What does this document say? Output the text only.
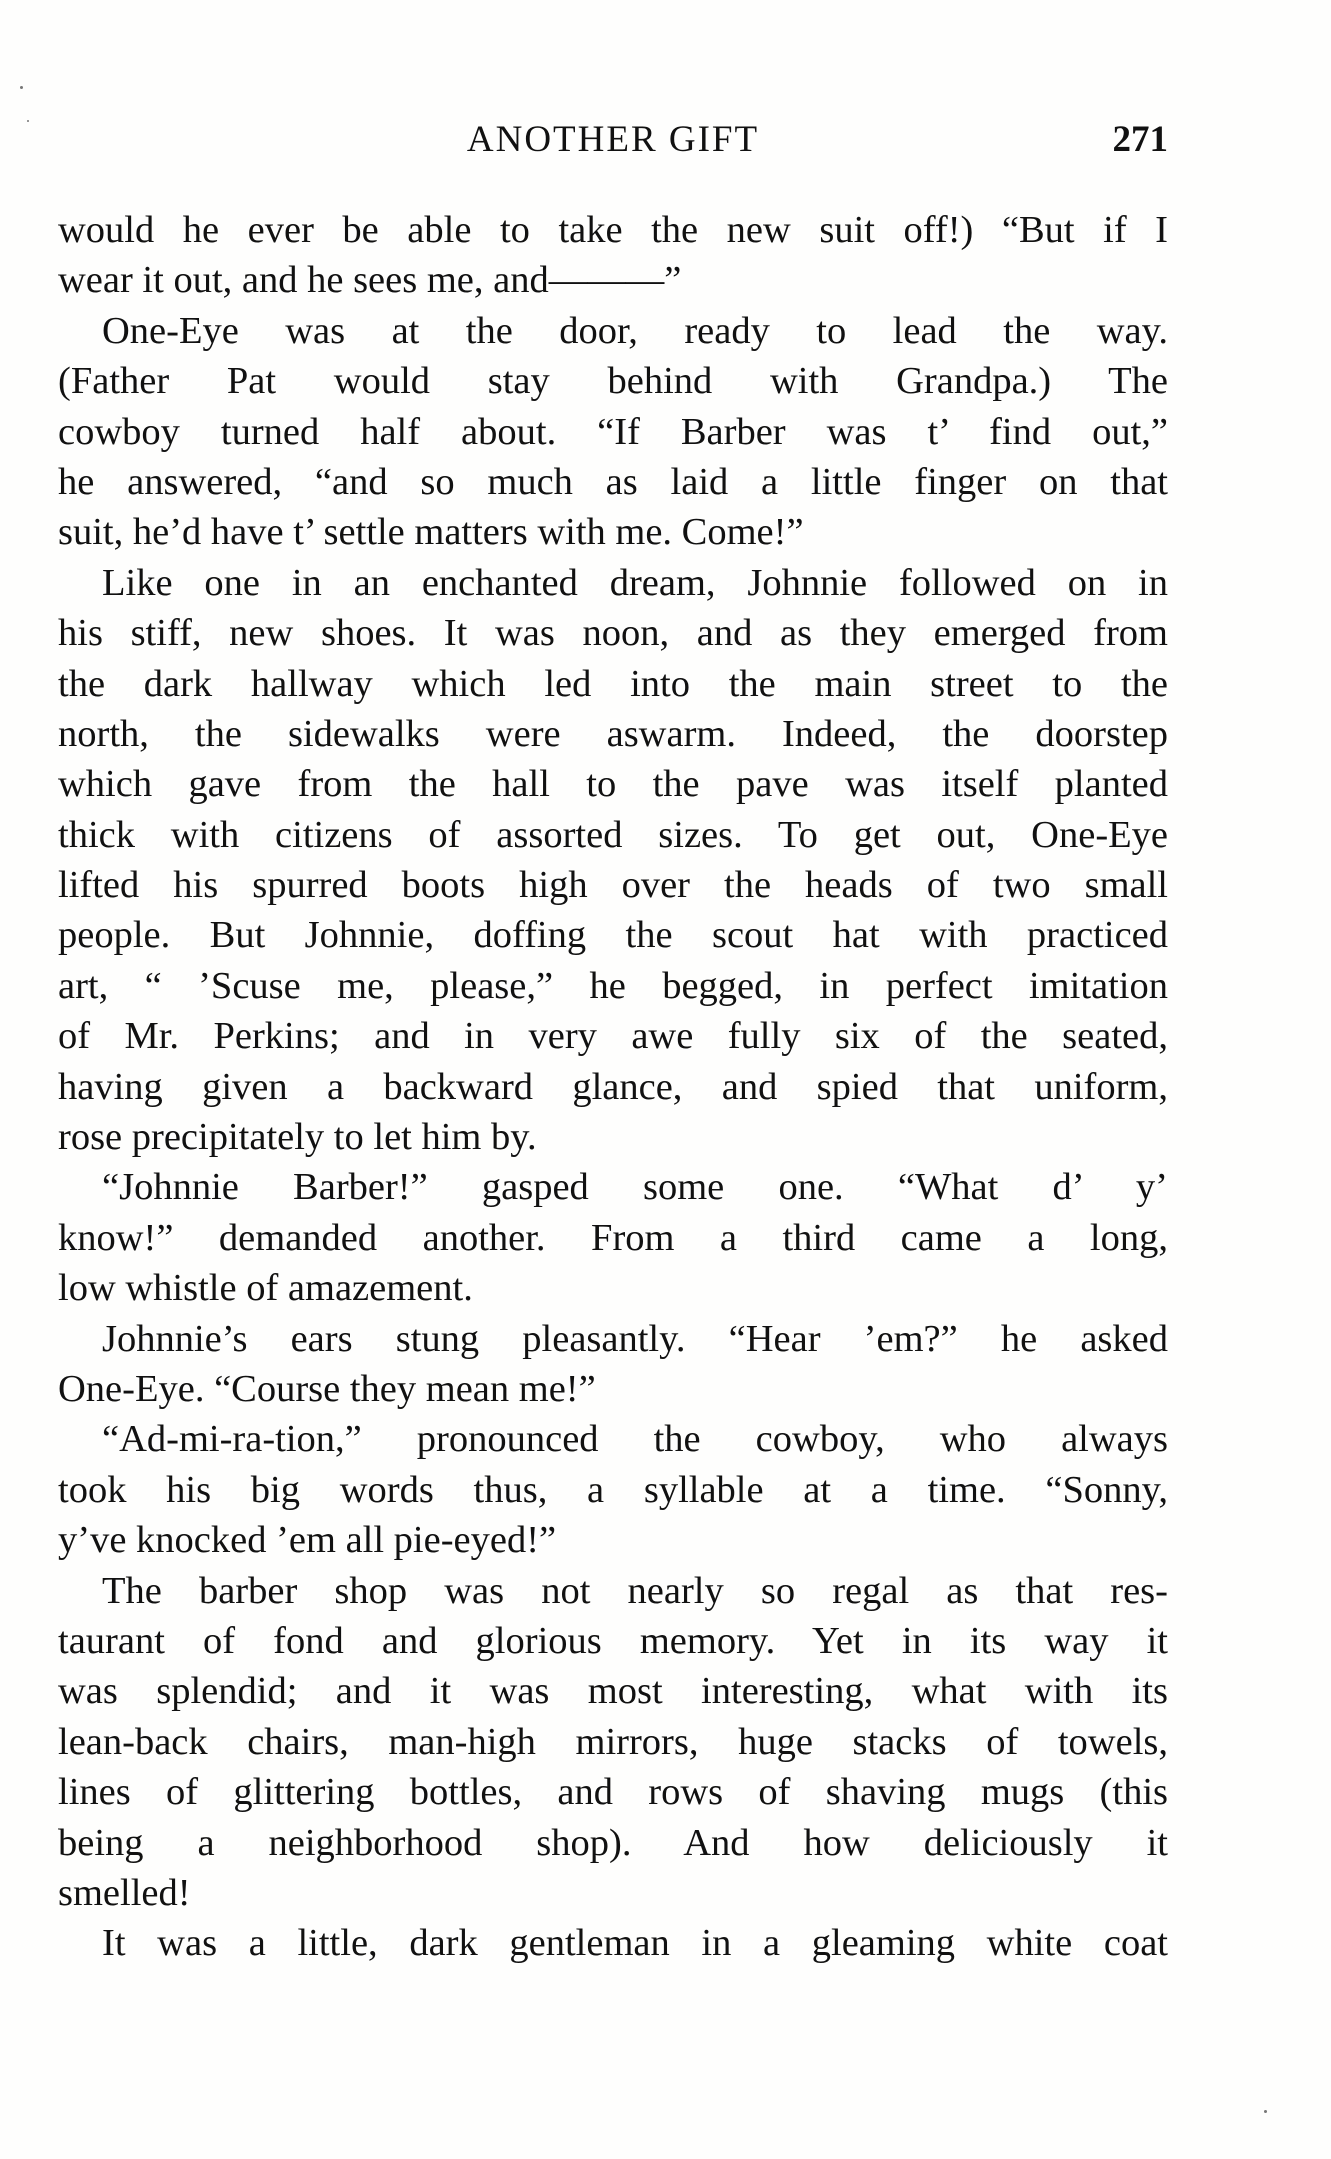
ANOTHER GIFT	271
would he ever be able to take the new suit off!) “But if I
wear it out, and he sees me, and———”
One-Eye was at the door, ready to lead the way.
(Father Pat would stay behind with Grandpa.) The
cowboy turned half about. “If Barber was t’ find out,”
he answered, “and so much as laid a little finger on that
suit, he’d have t’ settle matters with me. Come!”
Like one in an enchanted dream, Johnnie followed on in
his stiff, new shoes. It was noon, and as they emerged from
the dark hallway which led into the main street to the
north, the sidewalks were aswarm. Indeed, the doorstep
which gave from the hall to the pave was itself planted
thick with citizens of assorted sizes. To get out, One-Eye
lifted his spurred boots high over the heads of two small
people. But Johnnie, doffing the scout hat with practiced
art, “ ’Scuse me, please,” he begged, in perfect imitation
of Mr. Perkins; and in very awe fully six of the seated,
having given a backward glance, and spied that uniform,
rose precipitately to let him by.
“Johnnie Barber!” gasped some one. “What d’ y’
know!” demanded another. From a third came a long,
low whistle of amazement.
Johnnie’s ears stung pleasantly. “Hear ’em?” he asked
One-Eye. “Course they mean me!”
“Ad-mi-ra-tion,” pronounced the cowboy, who always
took his big words thus, a syllable at a time. “Sonny,
y’ve knocked ’em all pie-eyed!”
The barber shop was not nearly so regal as that res-
taurant of fond and glorious memory. Yet in its way it
was splendid; and it was most interesting, what with its
lean-back chairs, man-high mirrors, huge stacks of towels,
lines of glittering bottles, and rows of shaving mugs (this
being a neighborhood shop). And how deliciously it
smelled!
It was a little, dark gentleman in a gleaming white coat
